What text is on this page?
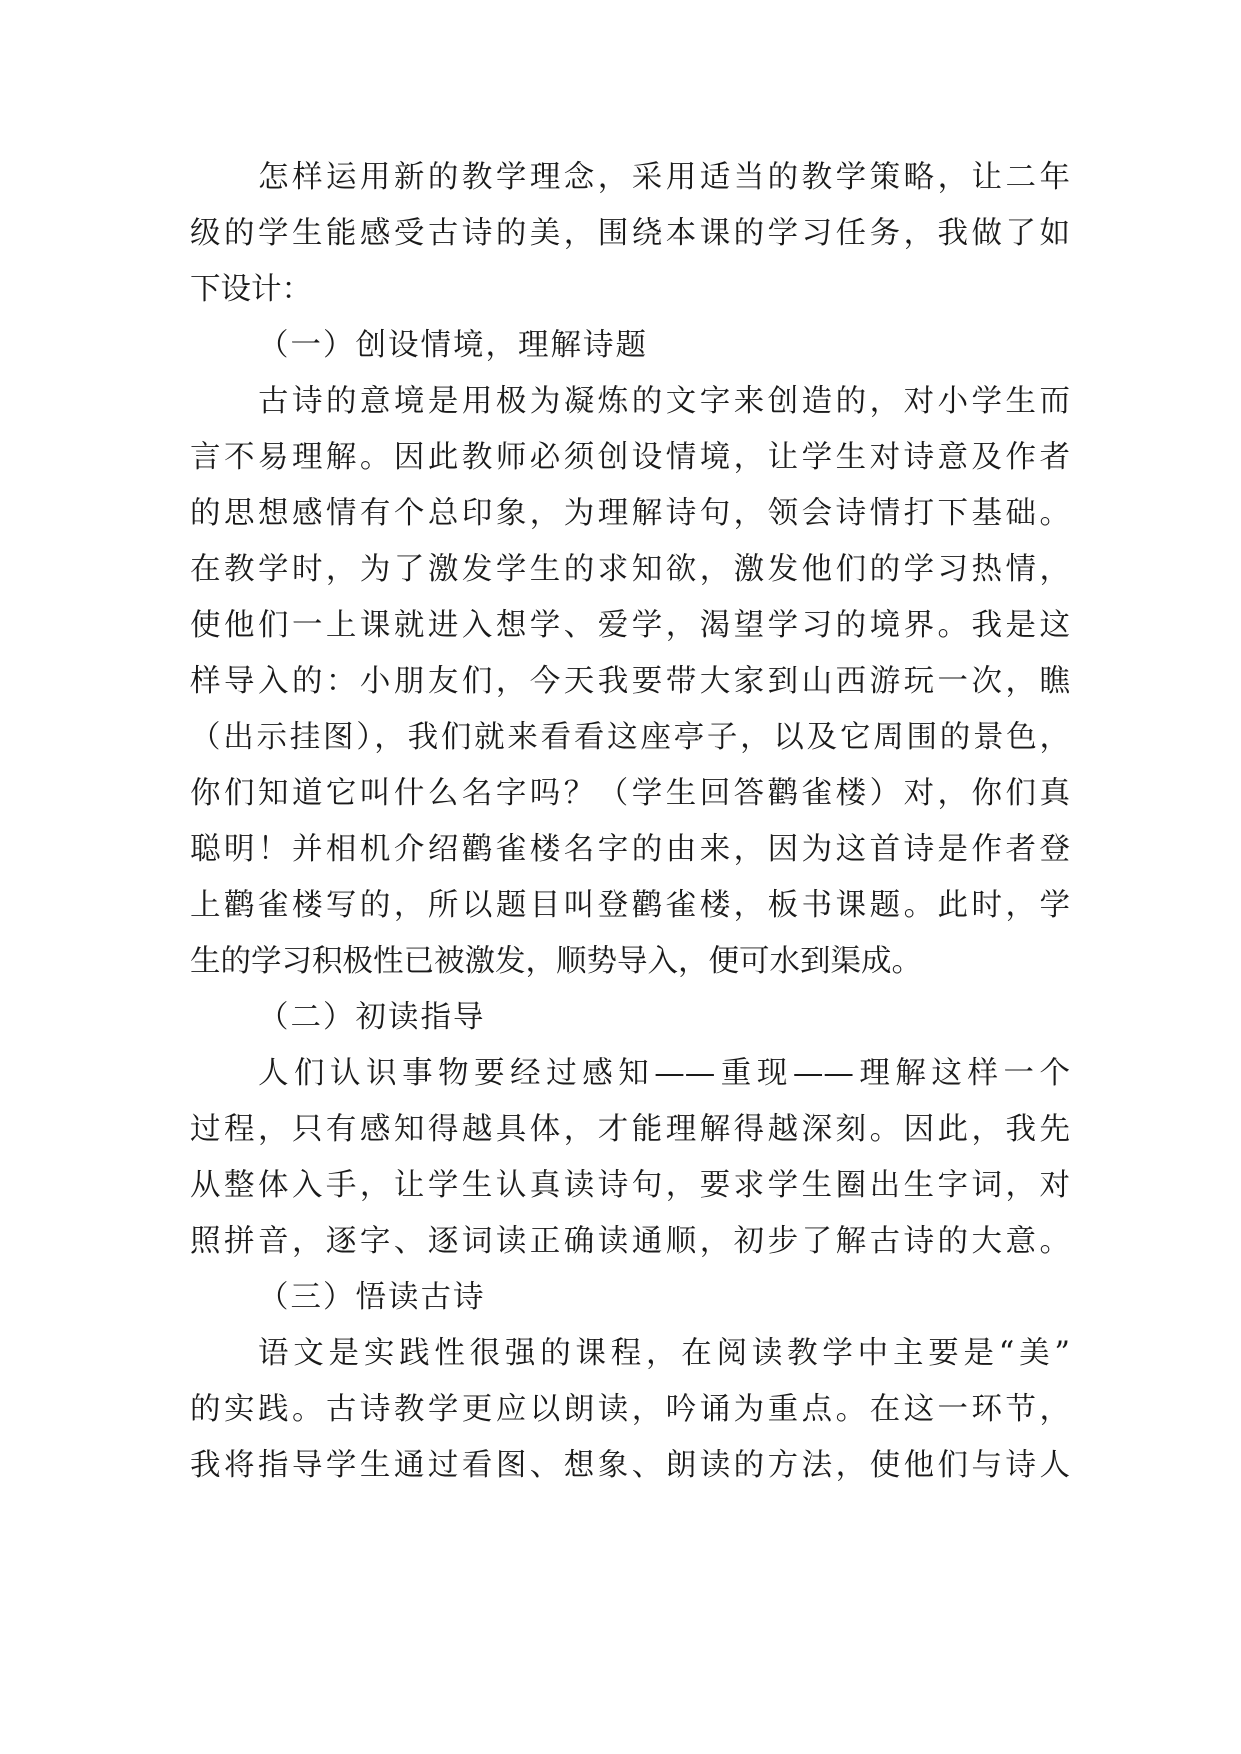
怎样运用新的教学理念，采用适当的教学策略，让二年
级的学生能感受古诗的美，围绕本课的学习任务，我做了如
下设计：
（一）创设情境，理解诗题
古诗的意境是用极为凝炼的文字来创造的，对小学生而
言不易理解。因此教师必须创设情境，让学生对诗意及作者
的思想感情有个总印象，为理解诗句，领会诗情打下基础。
在教学时，为了激发学生的求知欲，激发他们的学习热情，
使他们一上课就进入想学、爱学，渴望学习的境界。我是这
样导入的：小朋友们，今天我要带大家到山西游玩一次，瞧
（出示挂图），我们就来看看这座亭子，以及它周围的景色，
你们知道它叫什么名字吗？（学生回答鹳雀楼）对，你们真
聪明！并相机介绍鹳雀楼名字的由来，因为这首诗是作者登
上鹳雀楼写的，所以题目叫登鹳雀楼，板书课题。此时，学
生的学习积极性已被激发，顺势导入，便可水到渠成。
（二）初读指导
人们认识事物要经过感知——重现——理解这样一个
过程，只有感知得越具体，才能理解得越深刻。因此，我先
从整体入手，让学生认真读诗句，要求学生圈出生字词，对
照拼音，逐字、逐词读正确读通顺，初步了解古诗的大意。
（三）悟读古诗
语文是实践性很强的课程，在阅读教学中主要是“美”
的实践。古诗教学更应以朗读，吟诵为重点。在这一环节，
我将指导学生通过看图、想象、朗读的方法，使他们与诗人
